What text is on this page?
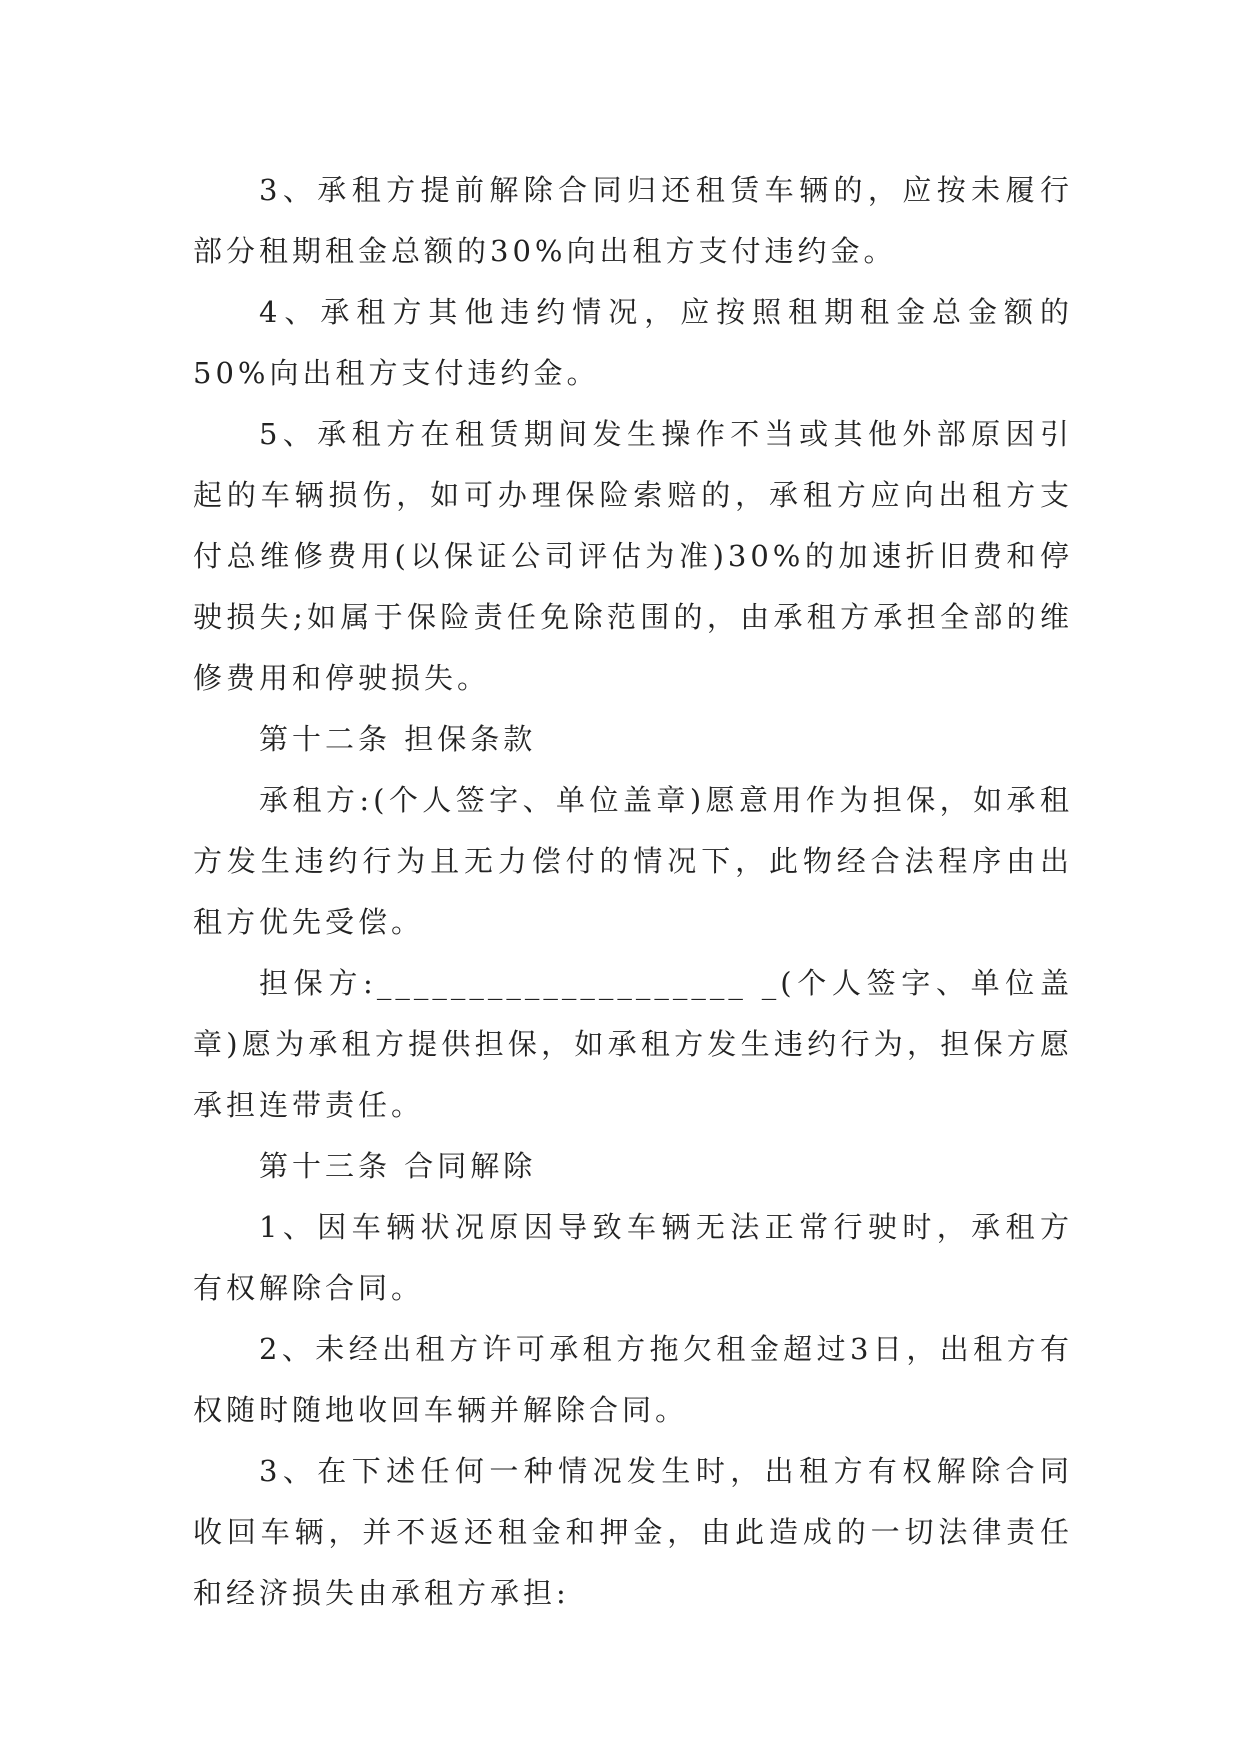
3、承租方提前解除合同归还租赁车辆的，应按未履行部分租期租金总额的30%向出租方支付违约金。

4、承租方其他违约情况，应按照租期租金总金额的50%向出租方支付违约金。

5、承租方在租赁期间发生操作不当或其他外部原因引起的车辆损伤，如可办理保险索赔的，承租方应向出租方支付总维修费用(以保证公司评估为准)30%的加速折旧费和停驶损失;如属于保险责任免除范围的，由承租方承担全部的维修费用和停驶损失。

第十二条 担保条款

承租方:(个人签字、单位盖章)愿意用作为担保，如承租方发生违约行为且无力偿付的情况下，此物经合法程序由出租方优先受偿。

担保方:____________________ _(个人签字、单位盖章)愿为承租方提供担保，如承租方发生违约行为，担保方愿承担连带责任。

第十三条 合同解除

1、因车辆状况原因导致车辆无法正常行驶时，承租方有权解除合同。

2、未经出租方许可承租方拖欠租金超过3日，出租方有权随时随地收回车辆并解除合同。

3、在下述任何一种情况发生时，出租方有权解除合同收回车辆，并不返还租金和押金，由此造成的一切法律责任和经济损失由承租方承担:
